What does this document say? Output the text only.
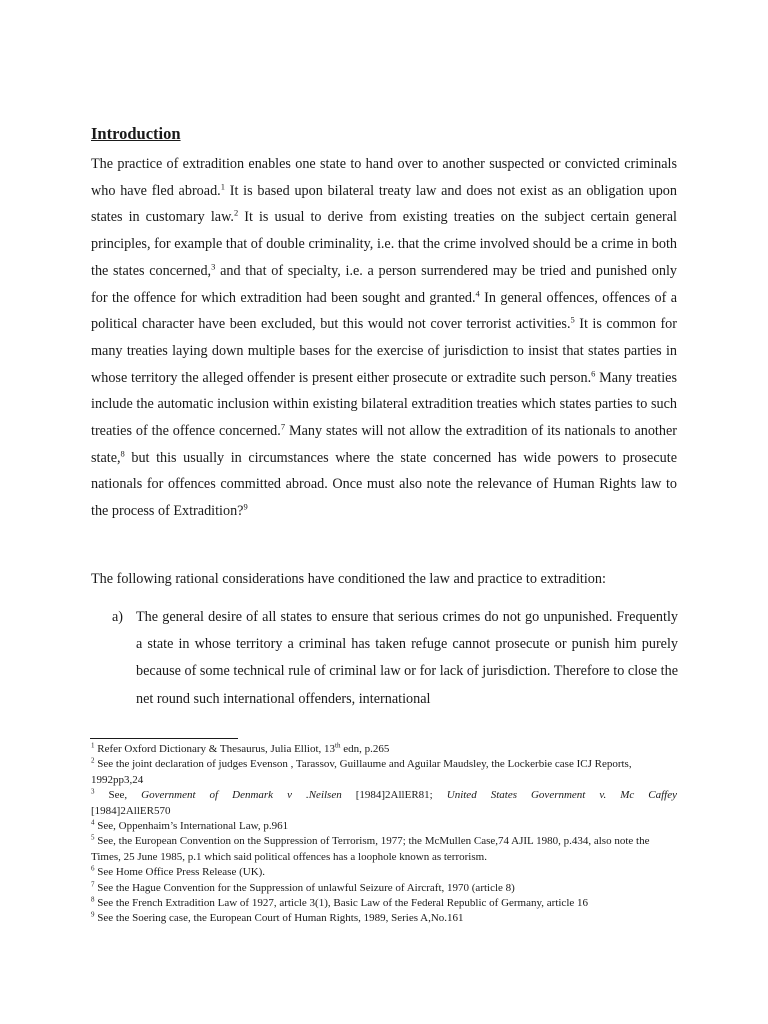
Introduction

The practice of extradition enables one state to hand over to another suspected or convicted criminals who have fled abroad.$^1$ It is based upon bilateral treaty law and does not exist as an obligation upon states in customary law.$^2$ It is usual to derive from existing treaties on the subject certain general principles, for example that of double criminality, i.e. that the crime involved should be a crime in both the states concerned,$^3$ and that of specialty, i.e. a person surrendered may be tried and punished only for the offence for which extradition had been sought and granted.$^4$ In general offences, offences of a political character have been excluded, but this would not cover terrorist activities.$^5$ It is common for many treaties laying down multiple bases for the exercise of jurisdiction to insist that states parties in whose territory the alleged offender is present either prosecute or extradite such person.$^6$ Many treaties include the automatic inclusion within existing bilateral extradition treaties which states parties to such treaties of the offence concerned.$^7$ Many states will not allow the extradition of its nationals to another state,$^8$ but this usually in circumstances where the state concerned has wide powers to prosecute nationals for offences committed abroad. Once must also note the relevance of Human Rights law to the process of Extradition?$^9$

The following rational considerations have conditioned the law and practice to extradition:

a) The general desire of all states to ensure that serious crimes do not go unpunished. Frequently a state in whose territory a criminal has taken refuge cannot prosecute or punish him purely because of some technical rule of criminal law or for lack of jurisdiction. Therefore to close the net round such international offenders, international
$^1$ Refer Oxford Dictionary & Thesaurus, Julia Elliot, 13th edn, p.265
$^2$ See the joint declaration of judges Evenson , Tarassov, Guillaume and Aguilar Maudsley, the Lockerbie case ICJ Reports, 1992pp3,24
$^3$ See, Government of Denmark v .Neilsen [1984]2AllER81; United States Government v. Mc Caffey
[1984]2AllER570
$^4$ See, Oppenhaim’s International Law, p.961
$^5$ See, the European Convention on the Suppression of Terrorism, 1977; the McMullen Case,74 AJIL 1980, p.434, also note the Times, 25 June 1985, p.1 which said political offences has a loophole known as terrorism.
$^6$ See Home Office Press Release (UK).
$^7$ See the Hague Convention for the Suppression of unlawful Seizure of Aircraft, 1970 (article 8)
$^8$ See the French Extradition Law of 1927, article 3(1), Basic Law of the Federal Republic of Germany, article 16
$^9$ See the Soering case, the European Court of Human Rights, 1989, Series A,No.161
